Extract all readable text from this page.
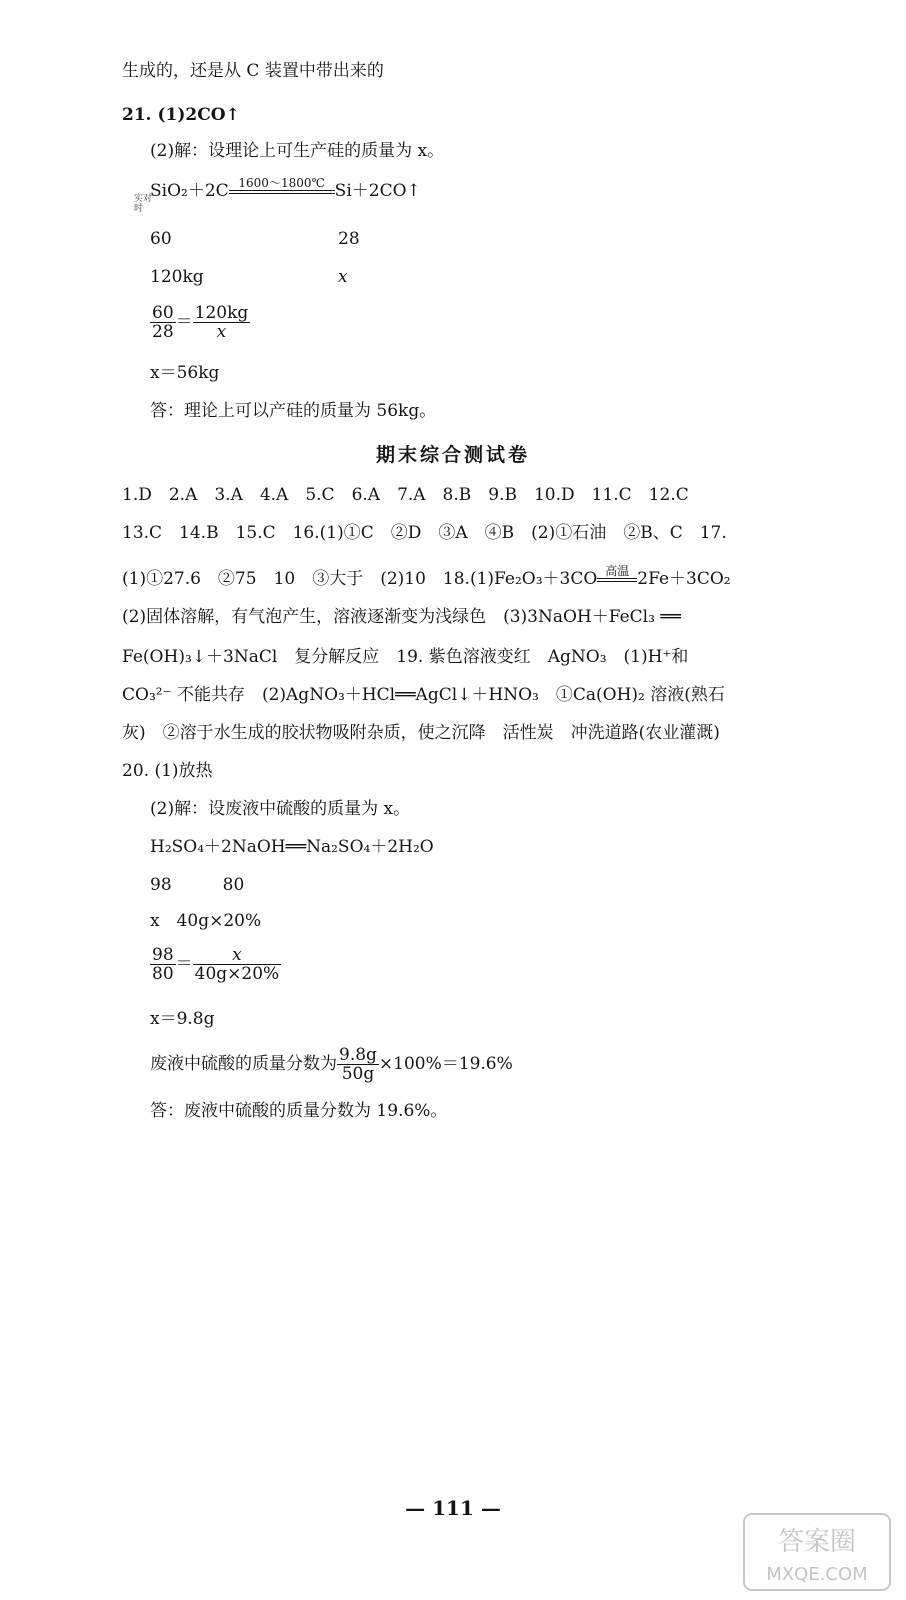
生成的，还是从 C 装置中带出来的
21. (1)2CO↑
(2)解：设理论上可生产硅的质量为 x。
实对
时
SiO₂＋2C 1600～1800℃ Si＋2CO↑
60	28
120kg	x
$\frac{60}{28} = \frac{120kg}{x}$
x＝56kg
答：理论上可以产硅的质量为 56kg。
期末综合测试卷
1.D　2.A　3.A　4.A　5.C　6.A　7.A　8.B　9.B　10.D　11.C　12.C
13.C　14.B　15.C　16.(1)①C　②D　③A　④B　(2)①石油　②B、C　17.
(1)①27.6　②75　10　③大于　(2)10　18.(1)Fe₂O₃＋3CO 高温 2Fe＋3CO₂
(2)固体溶解，有气泡产生，溶液逐渐变为浅绿色　(3)3NaOH＋FeCl₃ ══
Fe(OH)₃↓＋3NaCl　复分解反应　19. 紫色溶液变红　AgNO₃　(1)H⁺和
CO₃²⁻ 不能共存　(2)AgNO₃＋HCl══AgCl↓＋HNO₃　①Ca(OH)₂ 溶液(熟石
灰)　②溶于水生成的胶状物吸附杂质，使之沉降　活性炭　冲洗道路(农业灌溉)
20. (1)放热
(2)解：设废液中硫酸的质量为 x。
H₂SO₄＋2NaOH══Na₂SO₄＋2H₂O
98　　　80
x　40g×20%
$\frac{98}{80} = \frac{x}{40g\times 20\%}$
x＝9.8g
废液中硫酸的质量分数为 $\frac{9.8g}{50g} \times 100\%=19.6\%$
答：废液中硫酸的质量分数为 19.6%。
— 111 —
答案圈
MXQE.COM
